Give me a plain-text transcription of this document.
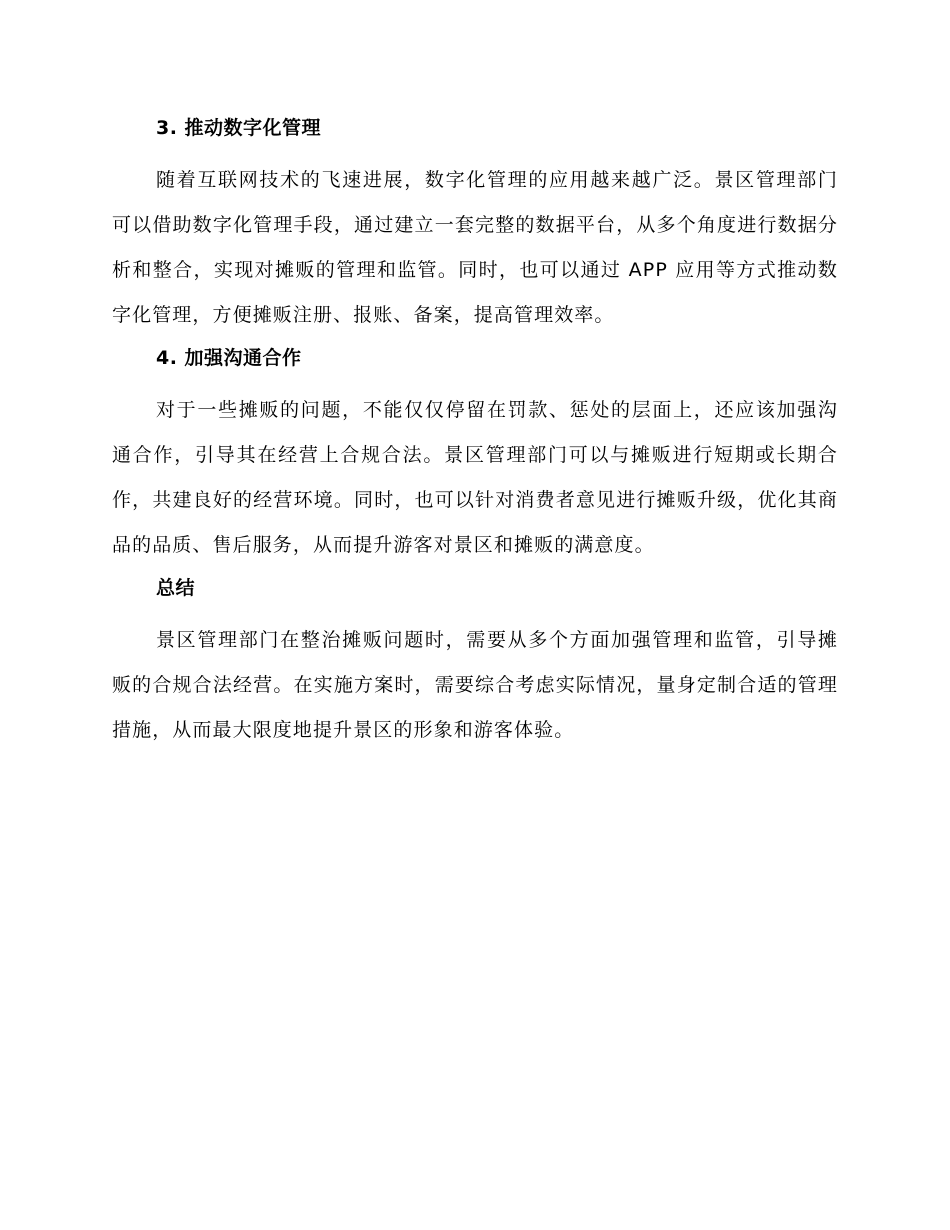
3. 推动数字化管理

随着互联网技术的飞速进展，数字化管理的应用越来越广泛。景区管理部门可以借助数字化管理手段，通过建立一套完整的数据平台，从多个角度进行数据分析和整合，实现对摊贩的管理和监管。同时，也可以通过 APP 应用等方式推动数字化管理，方便摊贩注册、报账、备案，提高管理效率。

4. 加强沟通合作

对于一些摊贩的问题，不能仅仅停留在罚款、惩处的层面上，还应该加强沟通合作，引导其在经营上合规合法。景区管理部门可以与摊贩进行短期或长期合作，共建良好的经营环境。同时，也可以针对消费者意见进行摊贩升级，优化其商品的品质、售后服务，从而提升游客对景区和摊贩的满意度。

总结

景区管理部门在整治摊贩问题时，需要从多个方面加强管理和监管，引导摊贩的合规合法经营。在实施方案时，需要综合考虑实际情况，量身定制合适的管理措施，从而最大限度地提升景区的形象和游客体验。
